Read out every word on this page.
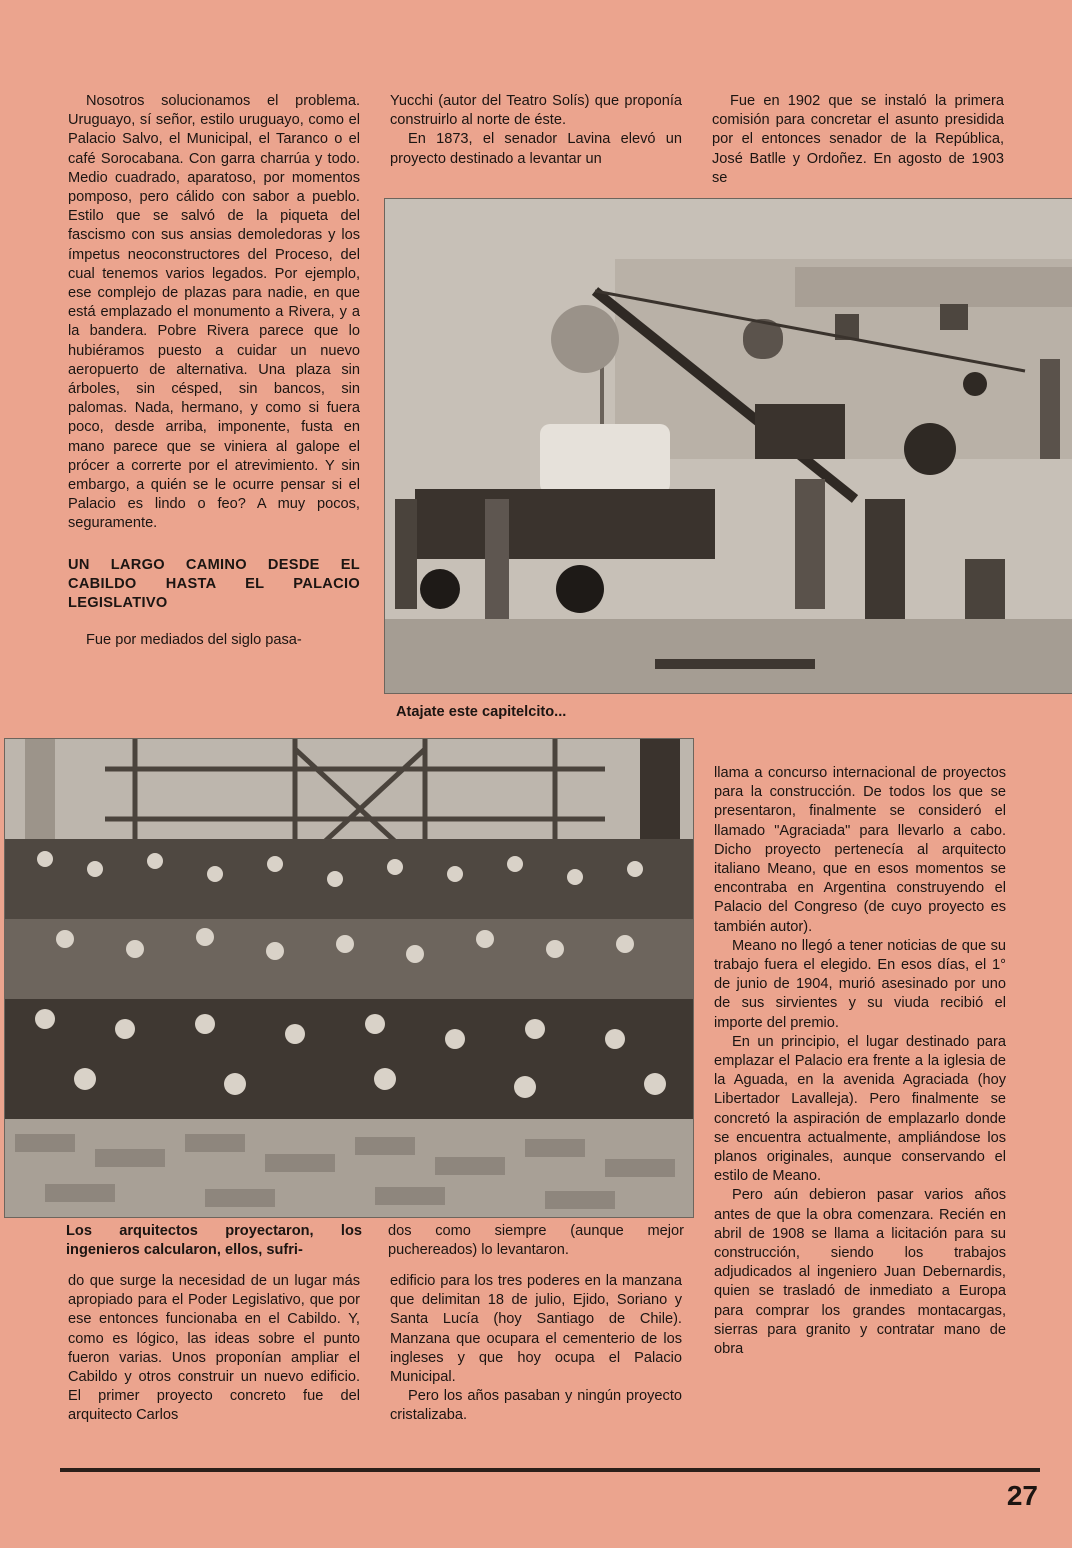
Nosotros solucionamos el problema. Uruguayo, sí señor, estilo uruguayo, como el Palacio Salvo, el Municipal, el Taranco o el café Sorocabana. Con garra charrúa y todo. Medio cuadrado, aparatoso, por momentos pomposo, pero cálido con sabor a pueblo. Estilo que se salvó de la piqueta del fascismo con sus ansias demoledoras y los ímpetus neoconstructores del Proceso, del cual tenemos varios legados. Por ejemplo, ese complejo de plazas para nadie, en que está emplazado el monumento a Rivera, y a la bandera. Pobre Rivera parece que lo hubiéramos puesto a cuidar un nuevo aeropuerto de alternativa. Una plaza sin árboles, sin césped, sin bancos, sin palomas. Nada, hermano, y como si fuera poco, desde arriba, imponente, fusta en mano parece que se viniera al galope el prócer a correrte por el atrevimiento. Y sin embargo, a quién se le ocurre pensar si el Palacio es lindo o feo? A muy pocos, seguramente.

UN LARGO CAMINO DESDE EL CABILDO HASTA EL PALACIO LEGISLATIVO

Fue por mediados del siglo pasa-

Yucchi (autor del Teatro Solís) que proponía construirlo al norte de éste.

En 1873, el senador Lavina elevó un proyecto destinado a levantar un

Fue en 1902 que se instaló la primera comisión para concretar el asunto presidida por el entonces senador de la República, José Batlle y Ordoñez. En agosto de 1903 se

Atajate este capitelcito...
Los arquitectos proyectaron, los ingenieros calcularon, ellos, sufri-
dos como siempre (aunque mejor puchereados) lo levantaron.

do que surge la necesidad de un lugar más apropiado para el Poder Legislativo, que por ese entonces funcionaba en el Cabildo. Y, como es lógico, las ideas sobre el punto fueron varias. Unos proponían ampliar el Cabildo y otros construir un nuevo edificio. El primer proyecto concreto fue del arquitecto Carlos

edificio para los tres poderes en la manzana que delimitan 18 de julio, Ejido, Soriano y Santa Lucía (hoy Santiago de Chile). Manzana que ocupara el cementerio de los ingleses y que hoy ocupa el Palacio Municipal.

Pero los años pasaban y ningún proyecto cristalizaba.

llama a concurso internacional de proyectos para la construcción. De todos los que se presentaron, finalmente se consideró el llamado "Agraciada" para llevarlo a cabo. Dicho proyecto pertenecía al arquitecto italiano Meano, que en esos momentos se encontraba en Argentina construyendo el Palacio del Congreso (de cuyo proyecto es también autor).

Meano no llegó a tener noticias de que su trabajo fuera el elegido. En esos días, el 1° de junio de 1904, murió asesinado por uno de sus sirvientes y su viuda recibió el importe del premio.

En un principio, el lugar destinado para emplazar el Palacio era frente a la iglesia de la Aguada, en la avenida Agraciada (hoy Libertador Lavalleja). Pero finalmente se concretó la aspiración de emplazarlo donde se encuentra actualmente, ampliándose los planos originales, aunque conservando el estilo de Meano.

Pero aún debieron pasar varios años antes de que la obra comenzara. Recién en abril de 1908 se llama a licitación para su construcción, siendo los trabajos adjudicados al ingeniero Juan Debernardis, quien se trasladó de inmediato a Europa para comprar los grandes montacargas, sierras para granito y contratar mano de obra

27
